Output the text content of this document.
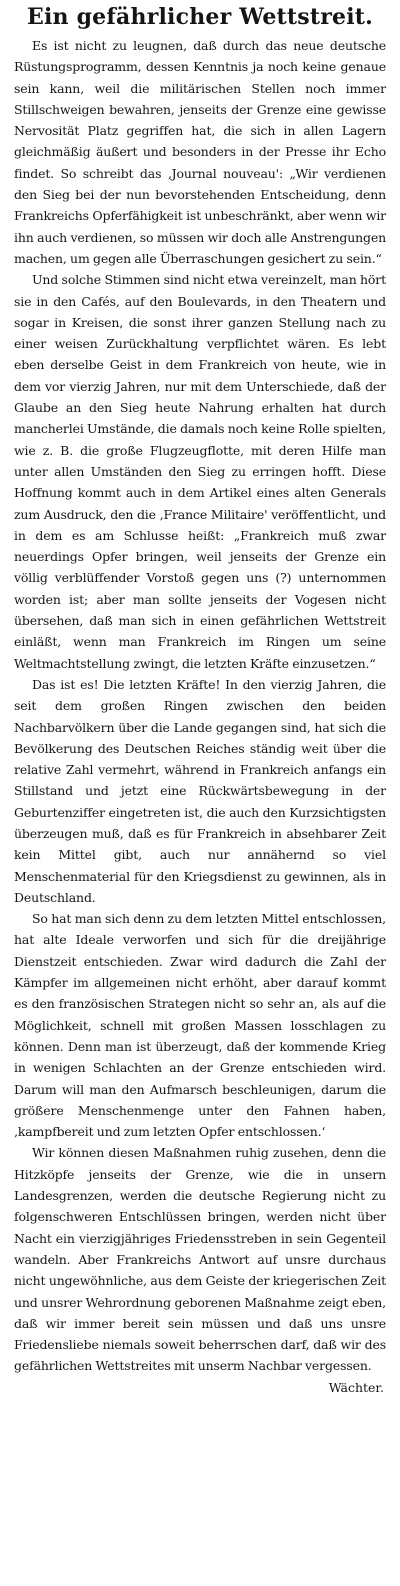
Ein gefährlicher Wettstreit.

Es ist nicht zu leugnen, daß durch das neue deutsche Rüstungsprogramm, dessen Kenntnis ja noch keine genaue sein kann, weil die militärischen Stellen noch immer Stillschweigen bewahren, jenseits der Grenze eine gewisse Nervosität Platz gegriffen hat, die sich in allen Lagern gleichmäßig äußert und besonders in der Presse ihr Echo findet. So schreibt das ‚Journal nouveau': „Wir verdienen den Sieg bei der nun bevorstehenden Entscheidung, denn Frankreichs Opferfähigkeit ist unbeschränkt, aber wenn wir ihn auch verdienen, so müssen wir doch alle Anstrengungen machen, um gegen alle Überraschungen gesichert zu sein.“

Und solche Stimmen sind nicht etwa vereinzelt, man hört sie in den Cafés, auf den Boulevards, in den Theatern und sogar in Kreisen, die sonst ihrer ganzen Stellung nach zu einer weisen Zurückhaltung verpflichtet wären. Es lebt eben derselbe Geist in dem Frankreich von heute, wie in dem vor vierzig Jahren, nur mit dem Unterschiede, daß der Glaube an den Sieg heute Nahrung erhalten hat durch mancherlei Umstände, die damals noch keine Rolle spielten, wie z. B. die große Flugzeugflotte, mit deren Hilfe man unter allen Umständen den Sieg zu erringen hofft. Diese Hoffnung kommt auch in dem Artikel eines alten Generals zum Ausdruck, den die ‚France Militaire' veröffentlicht, und in dem es am Schlusse heißt: „Frankreich muß zwar neuerdings Opfer bringen, weil jenseits der Grenze ein völlig verblüffender Vorstoß gegen uns (?) unternommen worden ist; aber man sollte jenseits der Vogesen nicht übersehen, daß man sich in einen gefährlichen Wettstreit einläßt, wenn man Frankreich im Ringen um seine Weltmachtstellung zwingt, die letzten Kräfte einzusetzen.“

Das ist es! Die letzten Kräfte! In den vierzig Jahren, die seit dem großen Ringen zwischen den beiden Nachbarvölkern über die Lande gegangen sind, hat sich die Bevölkerung des Deutschen Reiches ständig weit über die relative Zahl vermehrt, während in Frankreich anfangs ein Stillstand und jetzt eine Rückwärtsbewegung in der Geburtenziffer eingetreten ist, die auch den Kurzsichtigsten überzeugen muß, daß es für Frankreich in absehbarer Zeit kein Mittel gibt, auch nur annähernd so viel Menschenmaterial für den Kriegsdienst zu gewinnen, als in Deutschland.

So hat man sich denn zu dem letzten Mittel entschlossen, hat alte Ideale verworfen und sich für die dreijährige Dienstzeit entschieden. Zwar wird dadurch die Zahl der Kämpfer im allgemeinen nicht erhöht, aber darauf kommt es den französischen Strategen nicht so sehr an, als auf die Möglichkeit, schnell mit großen Massen losschlagen zu können. Denn man ist überzeugt, daß der kommende Krieg in wenigen Schlachten an der Grenze entschieden wird. Darum will man den Aufmarsch beschleunigen, darum die größere Menschenmenge unter den Fahnen haben, ‚kampfbereit und zum letzten Opfer entschlossen.‘

Wir können diesen Maßnahmen ruhig zusehen, denn die Hitzköpfe jenseits der Grenze, wie die in unsern Landesgrenzen, werden die deutsche Regierung nicht zu folgenschweren Entschlüssen bringen, werden nicht über Nacht ein vierzigjähriges Friedensstreben in sein Gegenteil wandeln. Aber Frankreichs Antwort auf unsre durchaus nicht ungewöhnliche, aus dem Geiste der kriegerischen Zeit und unsrer Wehrordnung geborenen Maßnahme zeigt eben, daß wir immer bereit sein müssen und daß uns unsre Friedensliebe niemals soweit beherrschen darf, daß wir des gefährlichen Wettstreites mit unserm Nachbar vergessen.

Wächter.
